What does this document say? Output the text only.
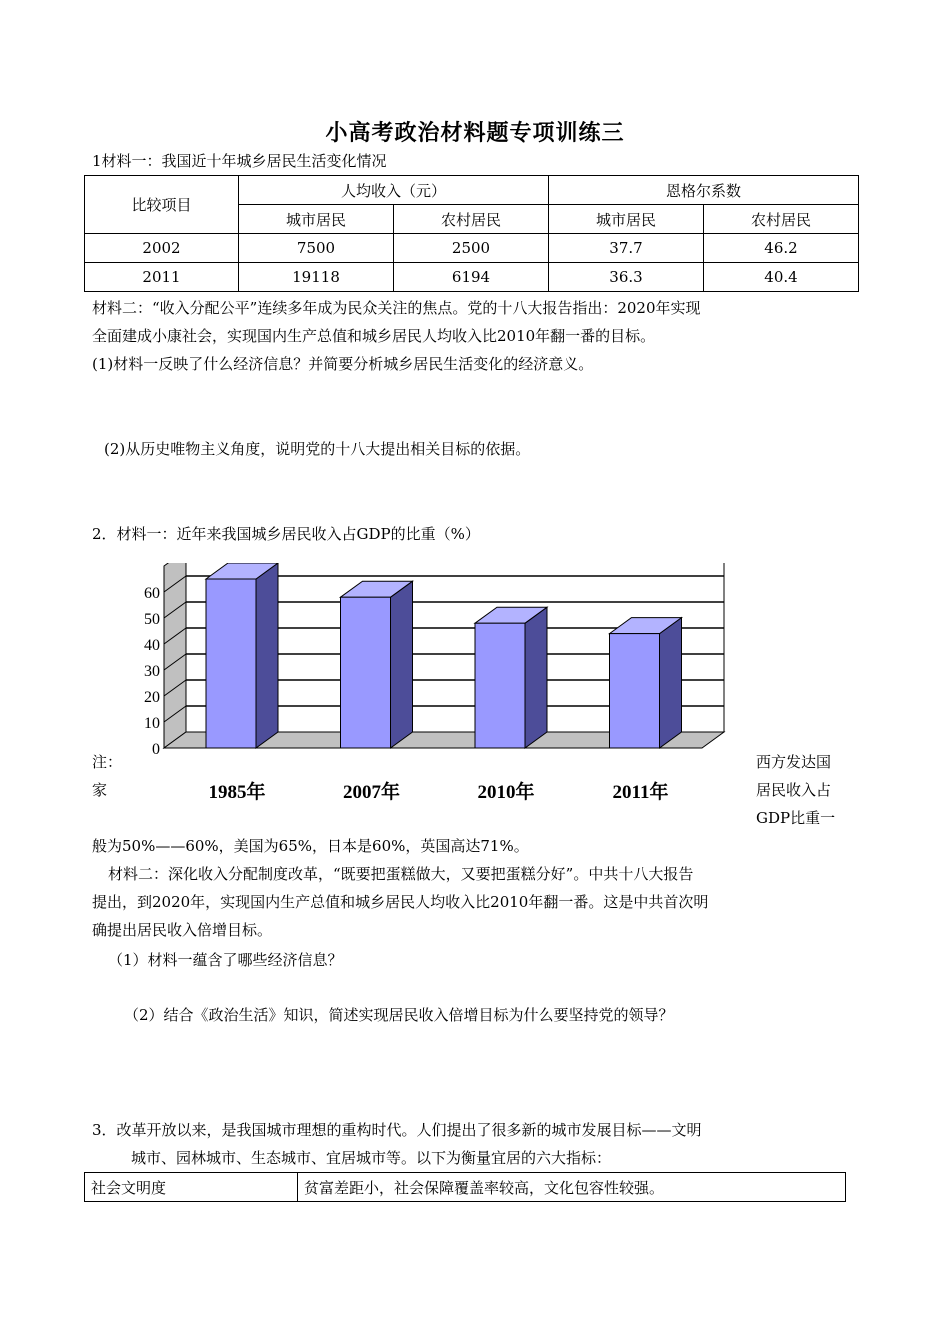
小高考政治材料题专项训练三
1材料一：我国近十年城乡居民生活变化情况
比较项目	人均收入（元）		恩格尔系数	
	城市居民	农村居民	城市居民	农村居民
2002	7500	2500	37.7	46.2
2011	19118	6194	36.3	40.4
材料二：“收入分配公平”连续多年成为民众关注的焦点。党的十八大报告指出：2020年实现
全面建成小康社会，实现国内生产总值和城乡居民人均收入比2010年翻一番的目标。
(1)材料一反映了什么经济信息？并简要分析城乡居民生活变化的经济意义。
(2)从历史唯物主义角度，说明党的十八大提出相关目标的依据。
2．材料一：近年来我国城乡居民收入占GDP的比重（%）
0
10
20
30
40
50
60
1985年	2007年	2010年	2011年
注：
家
西方发达国
居民收入占
GDP比重一
般为50%——60%，美国为65%，日本是60%，英国高达71%。
材料二：深化收入分配制度改革，“既要把蛋糕做大，又要把蛋糕分好”。中共十八大报告
提出，到2020年，实现国内生产总值和城乡居民人均收入比2010年翻一番。这是中共首次明
确提出居民收入倍增目标。
（1）材料一蕴含了哪些经济信息？
（2）结合《政治生活》知识，简述实现居民收入倍增目标为什么要坚持党的领导？
3．改革开放以来，是我国城市理想的重构时代。人们提出了很多新的城市发展目标——文明
城市、园林城市、生态城市、宜居城市等。以下为衡量宜居的六大指标：
社会文明度	贫富差距小，社会保障覆盖率较高，文化包容性较强。
